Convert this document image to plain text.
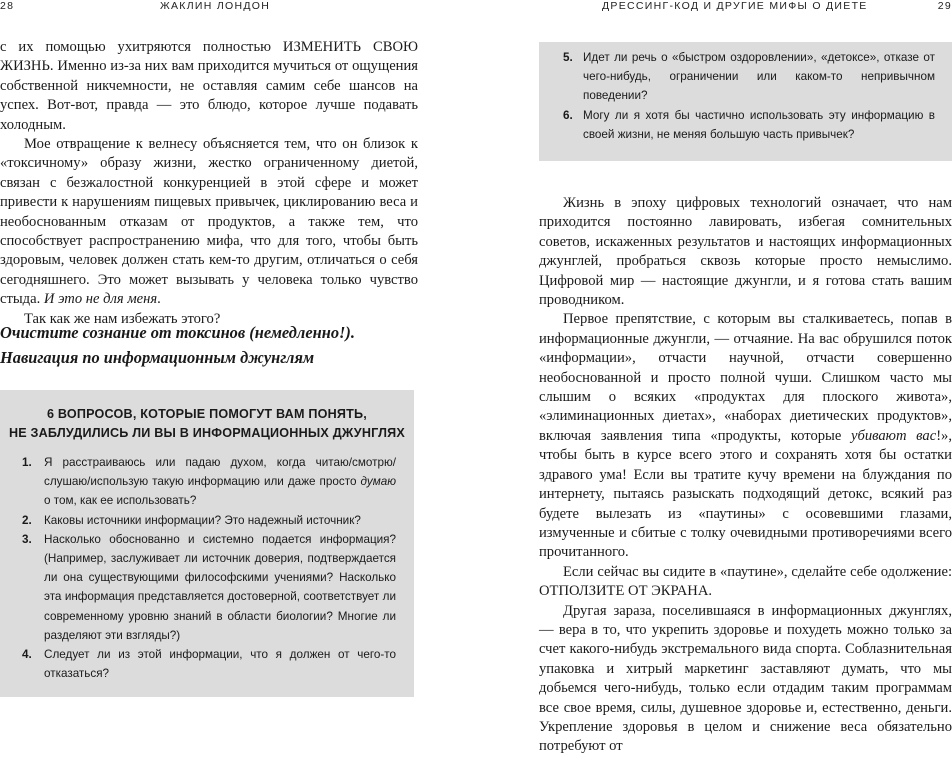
28	ЖАКЛИН ЛОНДОН

с их помощью ухитряются полностью ИЗМЕНИТЬ СВОЮ ЖИЗНЬ. Именно из-за них вам приходится мучиться от ощущения собственной никчемности, не оставляя самим себе шансов на успех. Вот-вот, правда — это блюдо, которое лучше подавать холодным.

Мое отвращение к велнесу объясняется тем, что он близок к «токсичному» образу жизни, жестко ограниченному диетой, связан с безжалостной конкуренцией в этой сфере и может привести к нарушениям пищевых привычек, циклированию веса и необоснованным отказам от продуктов, а также тем, что способствует распространению мифа, что для того, чтобы быть здоровым, человек должен стать кем-то другим, отличаться о себя сегодняшнего. Это может вызывать у человека только чувство стыда. И это не для меня.

Так как же нам избежать этого?

Очистите сознание от токсинов (немедленно!).
Навигация по информационным джунглям
6 ВОПРОСОВ, КОТОРЫЕ ПОМОГУТ ВАМ ПОНЯТЬ,
НЕ ЗАБЛУДИЛИСЬ ЛИ ВЫ В ИНФОРМАЦИОННЫХ ДЖУНГЛЯХ
1.	Я расстраиваюсь или падаю духом, когда читаю/смотрю/слушаю/использую такую информацию или даже просто думаю о том, как ее использовать?
2.	Каковы источники информации? Это надежный источник?
3.	Насколько обоснованно и системно подается информация? (Например, заслуживает ли источник доверия, подтверждается ли она существующими философскими учениями? Насколько эта информация представляется достоверной, соответствует ли современному уровню знаний в области биологии? Многие ли разделяют эти взгляды?)
4.	Следует ли из этой информации, что я должен от чего-то отказаться?
ДРЕССИНГ-КОД И ДРУГИЕ МИФЫ О ДИЕТЕ	29
5. Идет ли речь о «быстром оздоровлении», «детоксе», отказе от чего-нибудь, ограничении или каком-то непривычном поведении?
6. Могу ли я хотя бы частично использовать эту информацию в своей жизни, не меняя большую часть привычек?

Жизнь в эпоху цифровых технологий означает, что нам приходится постоянно лавировать, избегая сомнительных советов, искаженных результатов и настоящих информационных джунглей, пробраться сквозь которые просто немыслимо. Цифровой мир — настоящие джунгли, и я готова стать вашим проводником.

Первое препятствие, с которым вы сталкиваетесь, попав в информационные джунгли, — отчаяние. На вас обрушился поток «информации», отчасти научной, отчасти совершенно необоснованной и просто полной чуши. Слишком часто мы слышим о всяких «продуктах для плоского живота», «элиминационных диетах», «наборах диетических продуктов», включая заявления типа «продукты, которые убивают вас!», чтобы быть в курсе всего этого и сохранять хотя бы остатки здравого ума! Если вы тратите кучу времени на блуждания по интернету, пытаясь разыскать подходящий детокс, всякий раз будете вылезать из «паутины» с осовевшими глазами, измученные и сбитые с толку очевидными противоречиями всего прочитанного.

Если сейчас вы сидите в «паутине», сделайте себе одолжение: ОТПОЛЗИТЕ ОТ ЭКРАНА.

Другая зараза, поселившаяся в информационных джунглях, — вера в то, что укрепить здоровье и похудеть можно только за счет какого-нибудь экстремального вида спорта. Соблазнительная упаковка и хитрый маркетинг заставляют думать, что мы добьемся чего-нибудь, только если отдадим таким программам все свое время, силы, душевное здоровье и, естественно, деньги. Укрепление здоровья в целом и снижение веса обязательно потребуют от
